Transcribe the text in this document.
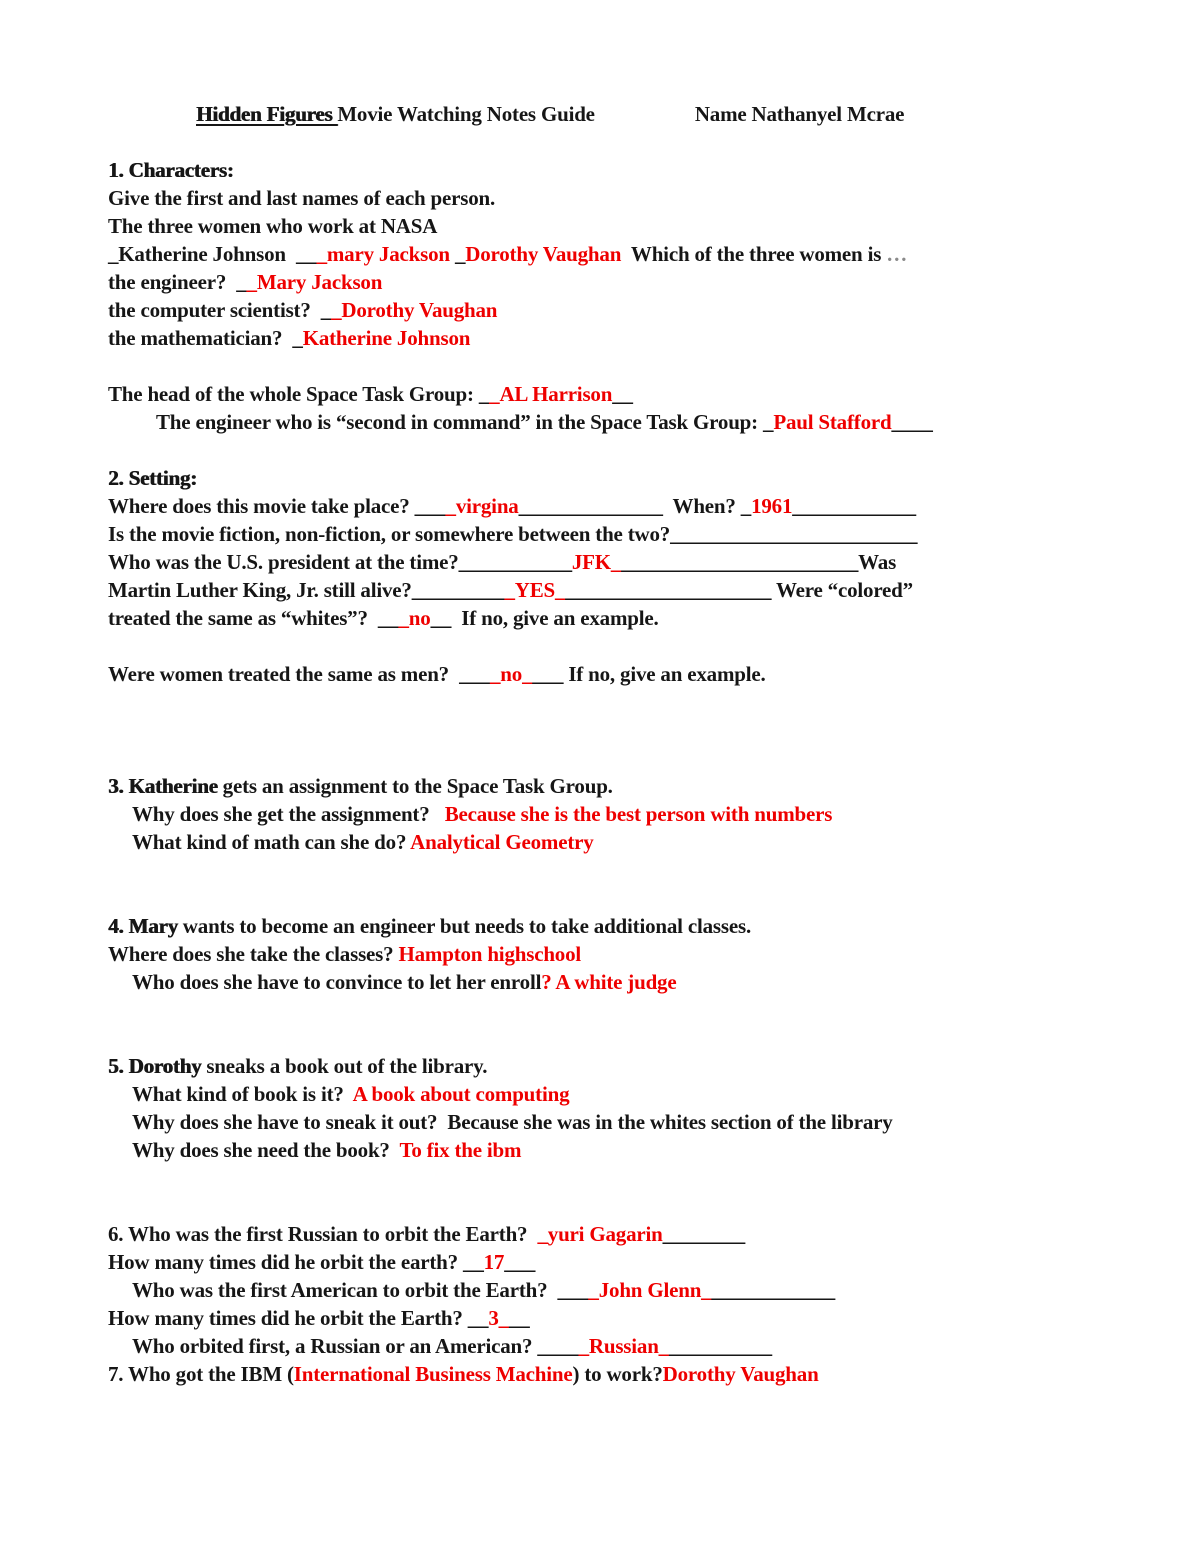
Hidden Figures Movie Watching Notes Guide	Name Nathanyel Mcrae
1. Characters:
Give the first and last names of each person.
The three women who work at NASA
_Katherine Johnson  ___mary Jackson _Dorothy Vaughan  Which of the three women is …
the engineer?  __Mary Jackson
the computer scientist?  __Dorothy Vaughan
the mathematician?  _Katherine Johnson
The head of the whole Space Task Group: __AL Harrison__
The engineer who is “second in command” in the Space Task Group: _Paul Stafford____
2. Setting:
Where does this movie take place? ____virgina______________  When? _1961____________
Is the movie fiction, non-fiction, or somewhere between the two?________________________
Who was the U.S. president at the time?___________JFK________________________Was
Martin Luther King, Jr. still alive?__________YES_____________________ Were “colored”
treated the same as “whites”?  ___no__  If no, give an example.
Were women treated the same as men?  ____no____ If no, give an example.
3. Katherine gets an assignment to the Space Task Group.
Why does she get the assignment?   Because she is the best person with numbers
What kind of math can she do? Analytical Geometry
4. Mary wants to become an engineer but needs to take additional classes.
Where does she take the classes? Hampton highschool
Who does she have to convince to let her enroll? A white judge
5. Dorothy sneaks a book out of the library.
What kind of book is it?  A book about computing
Why does she have to sneak it out?  Because she was in the whites section of the library
Why does she need the book?  To fix the ibm
6. Who was the first Russian to orbit the Earth?  _yuri Gagarin________
How many times did he orbit the earth? __17___
Who was the first American to orbit the Earth?  ____John Glenn_____________
How many times did he orbit the Earth? __3___
Who orbited first, a Russian or an American? _____Russian___________
7. Who got the IBM (International Business Machine) to work?Dorothy Vaughan
